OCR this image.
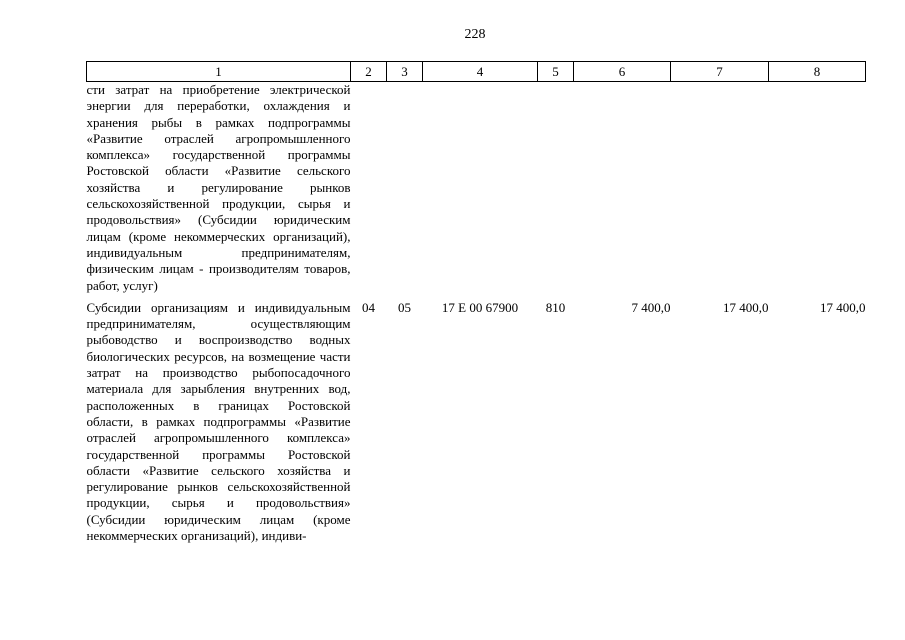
228
1	2	3	4	5	6	7	8
сти затрат на приобретение электрической энергии для переработки, охлаждения и хранения рыбы в рамках подпрограммы «Развитие отраслей агропромышленного комплекса» государственной программы Ростовской области «Развитие сельского хозяйства и регулирование рынков сельскохозяйственной продукции, сырья и продовольствия» (Субсидии юридическим лицам (кроме некоммерческих организаций), индивидуальным предпринимателям, физическим лицам - производителям товаров, работ, услуг)							

Субсидии организациям и индивидуальным предпринимателям, осуществляющим рыбоводство и воспроизводство водных биологических ресурсов, на возмещение части затрат на производство рыбопосадочного материала для зарыбления внутренних вод, расположенных в границах Ростовской области, в рамках подпрограммы «Развитие отраслей агропромышленного комплекса» государственной программы Ростовской области «Развитие сельского хозяйства и регулирование рынков сельскохозяйственной продукции, сырья и продовольствия» (Субсидии юридическим лицам (кроме некоммерческих организаций), индиви-	04	05	17 Е 00 67900	810	7 400,0	17 400,0	17 400,0
